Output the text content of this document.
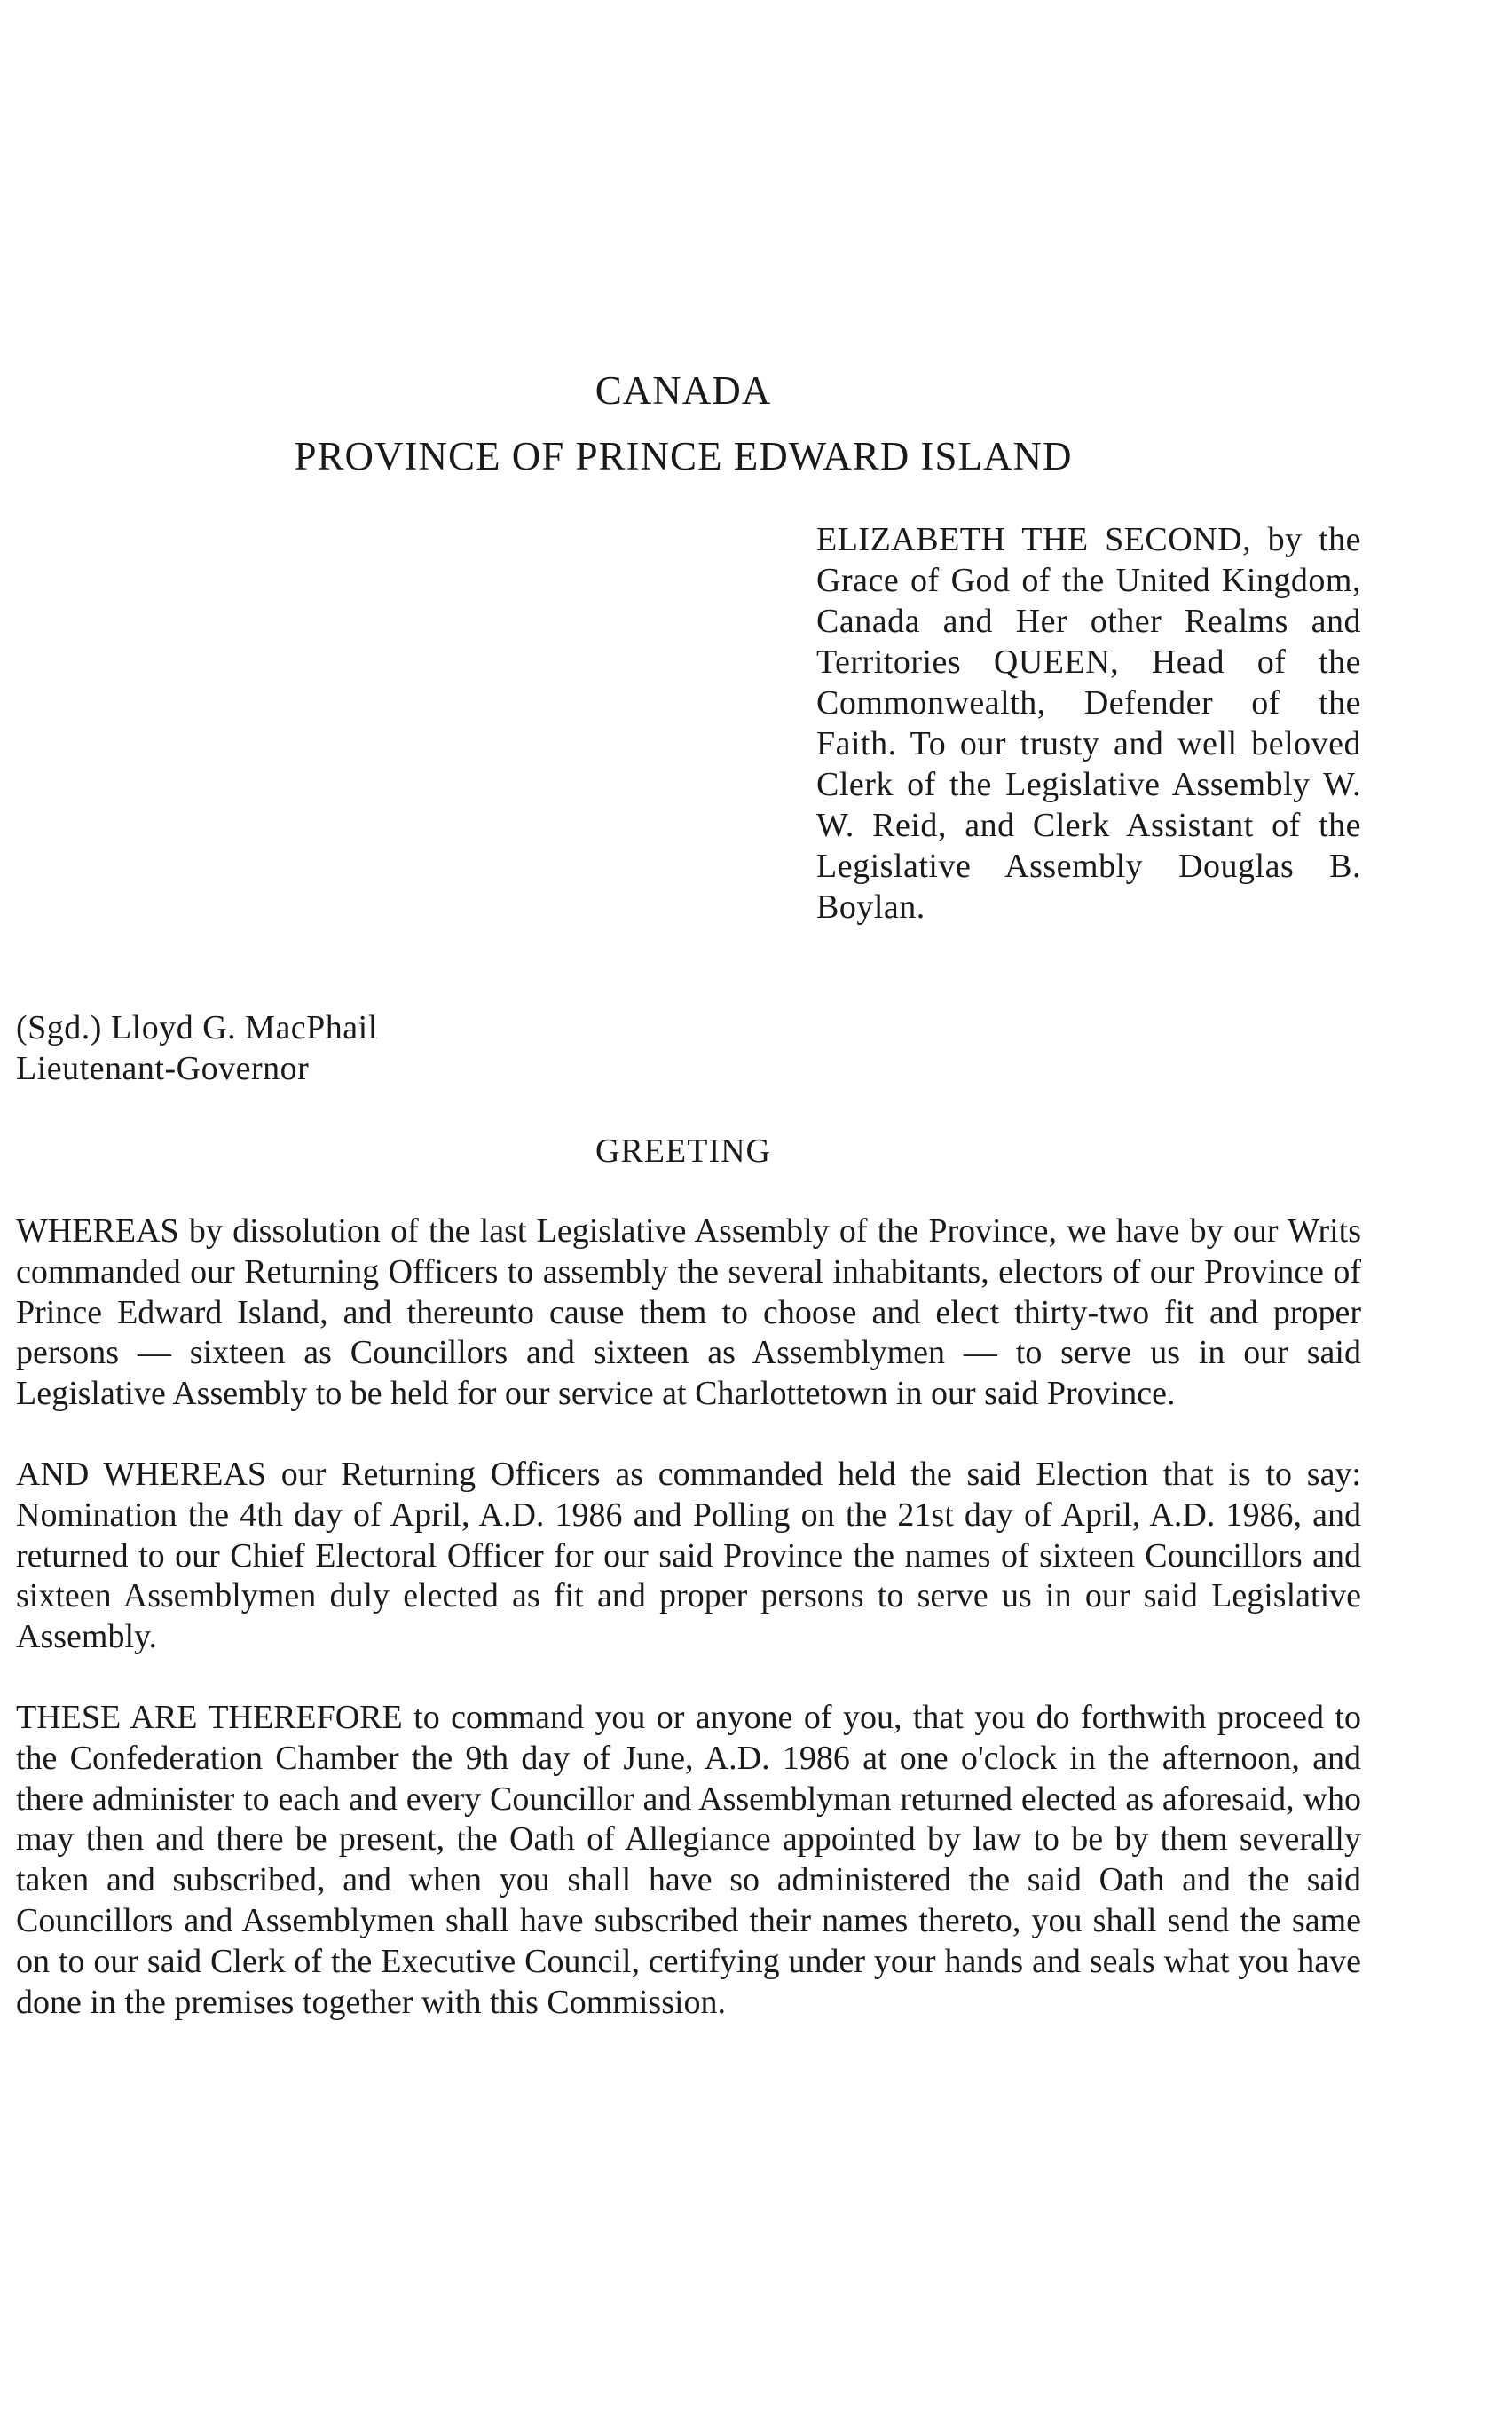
CANADA
PROVINCE OF PRINCE EDWARD ISLAND
ELIZABETH THE SECOND, by the Grace of God of the United Kingdom, Canada and Her other Realms and Territories QUEEN, Head of the Commonwealth, Defender of the Faith. To our trusty and well beloved Clerk of the Legislative Assembly W. W. Reid, and Clerk Assistant of the Legislative Assembly Douglas B. Boylan.
(Sgd.) Lloyd G. MacPhail
Lieutenant-Governor
GREETING

WHEREAS by dissolution of the last Legislative Assembly of the Province, we have by our Writs commanded our Returning Officers to assembly the several inhabitants, electors of our Province of Prince Edward Island, and thereunto cause them to choose and elect thirty-two fit and proper persons — sixteen as Councillors and sixteen as Assemblymen — to serve us in our said Legislative Assembly to be held for our service at Charlottetown in our said Province.

AND WHEREAS our Returning Officers as commanded held the said Election that is to say: Nomination the 4th day of April, A.D. 1986 and Polling on the 21st day of April, A.D. 1986, and returned to our Chief Electoral Officer for our said Province the names of sixteen Councillors and sixteen Assemblymen duly elected as fit and proper persons to serve us in our said Legislative Assembly.

THESE ARE THEREFORE to command you or anyone of you, that you do forthwith proceed to the Confederation Chamber the 9th day of June, A.D. 1986 at one o'clock in the afternoon, and there administer to each and every Councillor and Assemblyman returned elected as aforesaid, who may then and there be present, the Oath of Allegiance appointed by law to be by them severally taken and subscribed, and when you shall have so administered the said Oath and the said Councillors and Assemblymen shall have subscribed their names thereto, you shall send the same on to our said Clerk of the Executive Council, certifying under your hands and seals what you have done in the premises together with this Commission.
